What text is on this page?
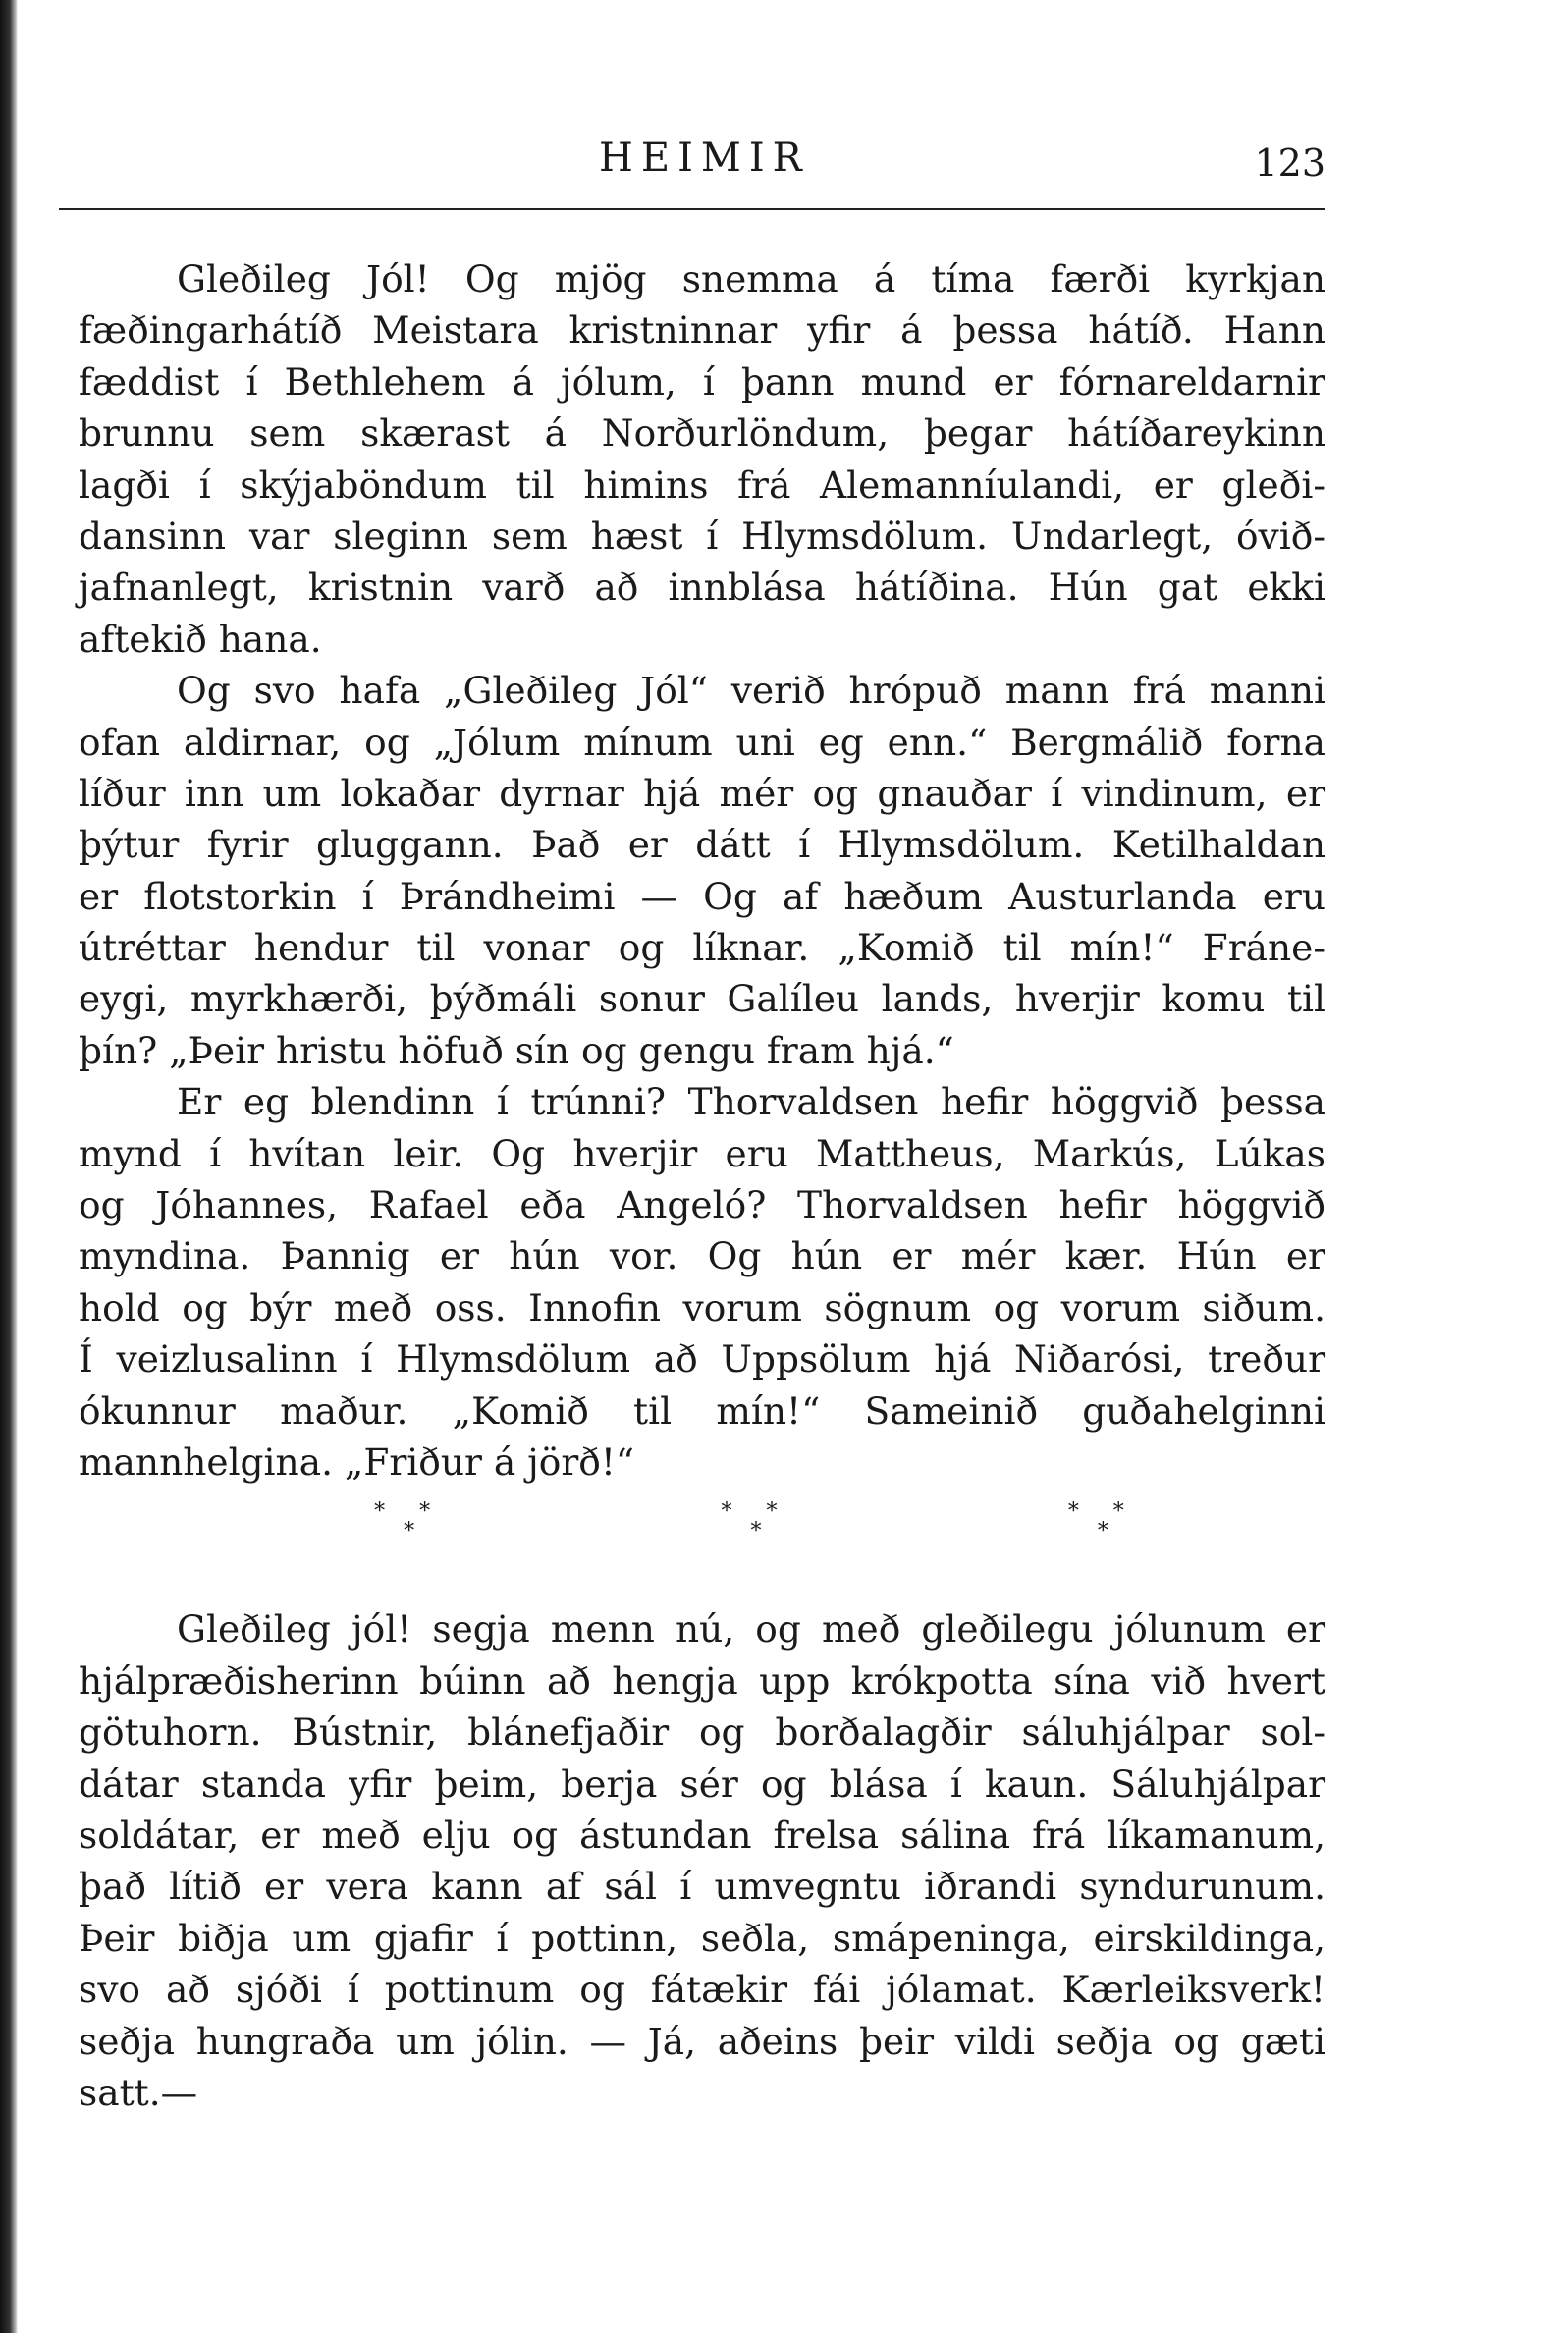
HEIMIR	123
Gleðileg Jól! Og mjög snemma á tíma færði kyrkjan
fæðingarhátíð Meistara kristninnar yfir á þessa hátíð. Hann
fæddist í Bethlehem á jólum, í þann mund er fórnareldarnir
brunnu sem skærast á Norðurlöndum, þegar hátíðareykinn
lagði í skýjaböndum til himins frá Alemanníulandi, er gleði-
dansinn var sleginn sem hæst í Hlymsdölum. Undarlegt, óvið-
jafnanlegt, kristnin varð að innblása hátíðina. Hún gat ekki
aftekið hana.
Og svo hafa „Gleðileg Jól“ verið hrópuð mann frá manni
ofan aldirnar, og „Jólum mínum uni eg enn.“ Bergmálið forna
líður inn um lokaðar dyrnar hjá mér og gnauðar í vindinum, er
þýtur fyrir gluggann. Það er dátt í Hlymsdölum. Ketilhaldan
er flotstorkin í Þrándheimi — Og af hæðum Austurlanda eru
útréttar hendur til vonar og líknar. „Komið til mín!“ Fráne-
eygi, myrkhærði, þýðmáli sonur Galíleu lands, hverjir komu til
þín? „Þeir hristu höfuð sín og gengu fram hjá.“
Er eg blendinn í trúnni? Thorvaldsen hefir höggvið þessa
mynd í hvítan leir. Og hverjir eru Mattheus, Markús, Lúkas
og Jóhannes, Rafael eða Angeló? Thorvaldsen hefir höggvið
myndina. Þannig er hún vor. Og hún er mér kær. Hún er
hold og býr með oss. Innofin vorum sögnum og vorum siðum.
Í veizlusalinn í Hlymsdölum að Uppsölum hjá Niðarósi, treður
ókunnur maður. „Komið til mín!“ Sameinið guðahelginni
mannhelgina. „Friður á jörð!“
* *
*
* *
*
* *
*
Gleðileg jól! segja menn nú, og með gleðilegu jólunum er
hjálpræðisherinn búinn að hengja upp krókpotta sína við hvert
götuhorn. Bústnir, blánefjaðir og borðalagðir sáluhjálpar sol-
dátar standa yfir þeim, berja sér og blása í kaun. Sáluhjálpar
soldátar, er með elju og ástundan frelsa sálina frá líkamanum,
það lítið er vera kann af sál í umvegntu iðrandi syndurunum.
Þeir biðja um gjafir í pottinn, seðla, smápeninga, eirskildinga,
svo að sjóði í pottinum og fátækir fái jólamat. Kærleiksverk!
seðja hungraða um jólin. — Já, aðeins þeir vildi seðja og gæti
satt.—
